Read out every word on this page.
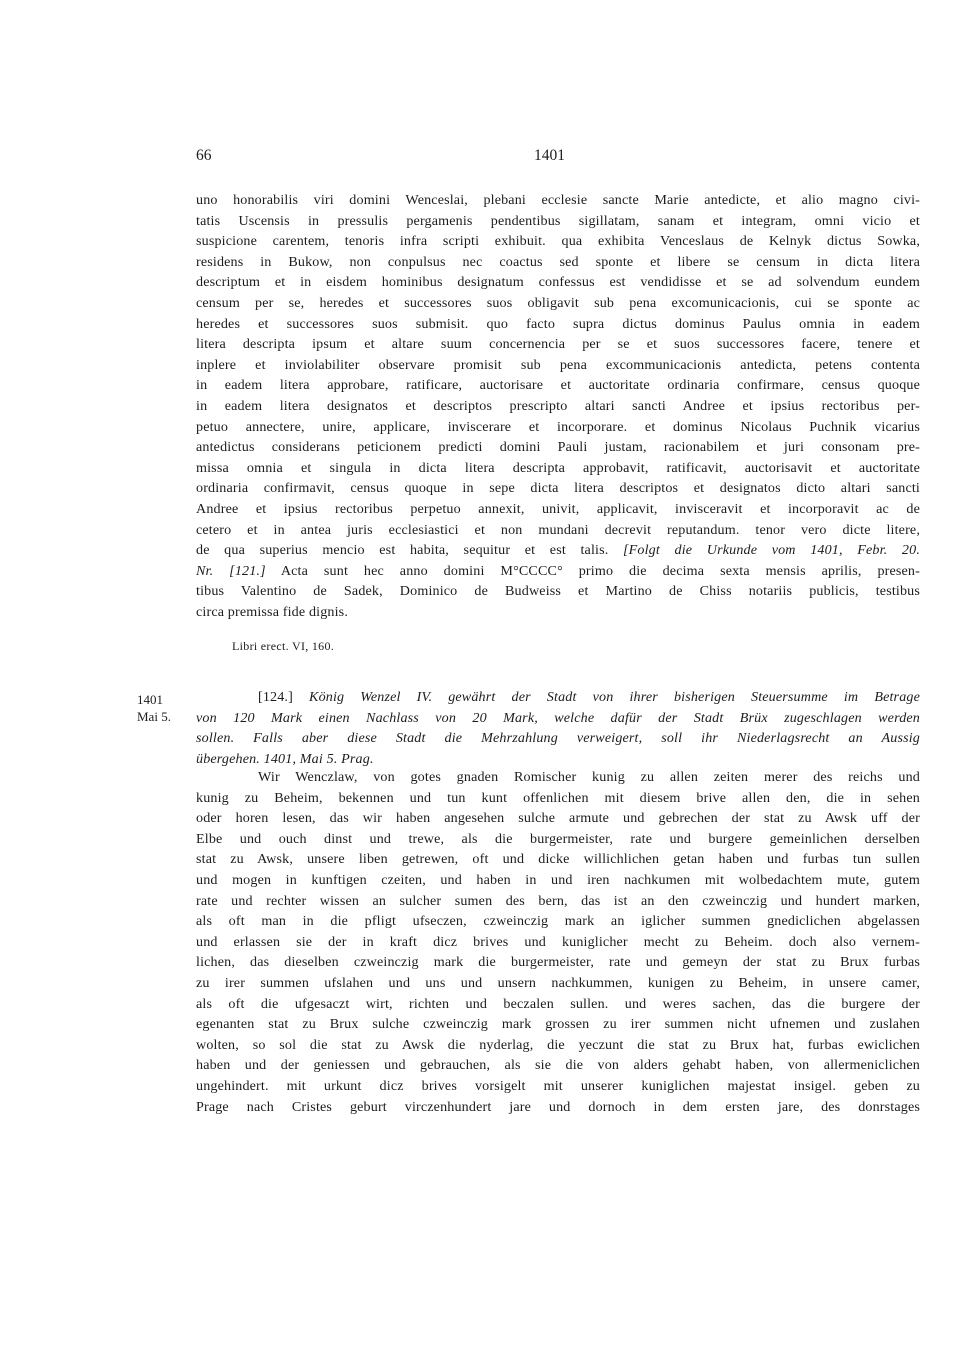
66	1401
uno honorabilis viri domini Wenceslai, plebani ecclesie sancte Marie antedicte, et alio magno civi-
tatis Uscensis in pressulis pergamenis pendentibus sigillatam, sanam et integram, omni vicio et
suspicione carentem, tenoris infra scripti exhibuit. qua exhibita Venceslaus de Kelnyk dictus Sowka,
residens in Bukow, non conpulsus nec coactus sed sponte et libere se censum in dicta litera
descriptum et in eisdem hominibus designatum confessus est vendidisse et se ad solvendum eundem
censum per se, heredes et successores suos obligavit sub pena excomunicacionis, cui se sponte ac
heredes et successores suos submisit. quo facto supra dictus dominus Paulus omnia in eadem
litera descripta ipsum et altare suum concernencia per se et suos successores facere, tenere et
inplere et inviolabiliter observare promisit sub pena excommunicacionis antedicta, petens contenta
in eadem litera approbare, ratificare, auctorisare et auctoritate ordinaria confirmare, census quoque
in eadem litera designatos et descriptos prescripto altari sancti Andree et ipsius rectoribus per-
petuo annectere, unire, applicare, inviscerare et incorporare. et dominus Nicolaus Puchnik vicarius
antedictus considerans peticionem predicti domini Pauli justam, racionabilem et juri consonam pre-
missa omnia et singula in dicta litera descripta approbavit, ratificavit, auctorisavit et auctoritate
ordinaria confirmavit, census quoque in sepe dicta litera descriptos et designatos dicto altari sancti
Andree et ipsius rectoribus perpetuo annexit, univit, applicavit, invisceravit et incorporavit ac de
cetero et in antea juris ecclesiastici et non mundani decrevit reputandum. tenor vero dicte litere,
de qua superius mencio est habita, sequitur et est talis. [Folgt die Urkunde vom 1401, Febr. 20.
Nr. [121.] Acta sunt hec anno domini M°CCCC° primo die decima sexta mensis aprilis, presen-
tibus Valentino de Sadek, Dominico de Budweiss et Martino de Chiss notariis publicis, testibus
circa premissa fide dignis.
Libri erect. VI, 160.
1401
Mai 5.
[124.] König Wenzel IV. gewährt der Stadt von ihrer bisherigen Steuersumme im Betrage
von 120 Mark einen Nachlass von 20 Mark, welche dafür der Stadt Brüx zugeschlagen werden
sollen. Falls aber diese Stadt die Mehrzahlung verweigert, soll ihr Niederlagsrecht an Aussig
übergehen. 1401, Mai 5. Prag.
Wir Wenczlaw, von gotes gnaden Romischer kunig zu allen zeiten merer des reichs und
kunig zu Beheim, bekennen und tun kunt offenlichen mit diesem brive allen den, die in sehen
oder horen lesen, das wir haben angesehen sulche armute und gebrechen der stat zu Awsk uff der
Elbe und ouch dinst und trewe, als die burgermeister, rate und burgere gemeinlichen derselben
stat zu Awsk, unsere liben getrewen, oft und dicke willichlichen getan haben und furbas tun sullen
und mogen in kunftigen czeiten, und haben in und iren nachkumen mit wolbedachtem mute, gutem
rate und rechter wissen an sulcher sumen des bern, das ist an den czweinczig und hundert marken,
als oft man in die pfligt ufseczen, czweinczig mark an iglicher summen gnediclichen abgelassen
und erlassen sie der in kraft dicz brives und kuniglicher mecht zu Beheim. doch also vernem-
lichen, das dieselben czweinczig mark die burgermeister, rate und gemeyn der stat zu Brux furbas
zu irer summen ufslahen und uns und unsern nachkummen, kunigen zu Beheim, in unsere camer,
als oft die ufgesaczt wirt, richten und beczalen sullen. und weres sachen, das die burgere der
egenanten stat zu Brux sulche czweinczig mark grossen zu irer summen nicht ufnemen und zuslahen
wolten, so sol die stat zu Awsk die nyderlag, die yeczunt die stat zu Brux hat, furbas ewiclichen
haben und der geniessen und gebrauchen, als sie die von alders gehabt haben, von allermeniclichen
ungehindert. mit urkunt dicz brives vorsigelt mit unserer kuniglichen majestat insigel. geben zu
Prage nach Cristes geburt virczenhundert jare und dornoch in dem ersten jare, des donrstages
